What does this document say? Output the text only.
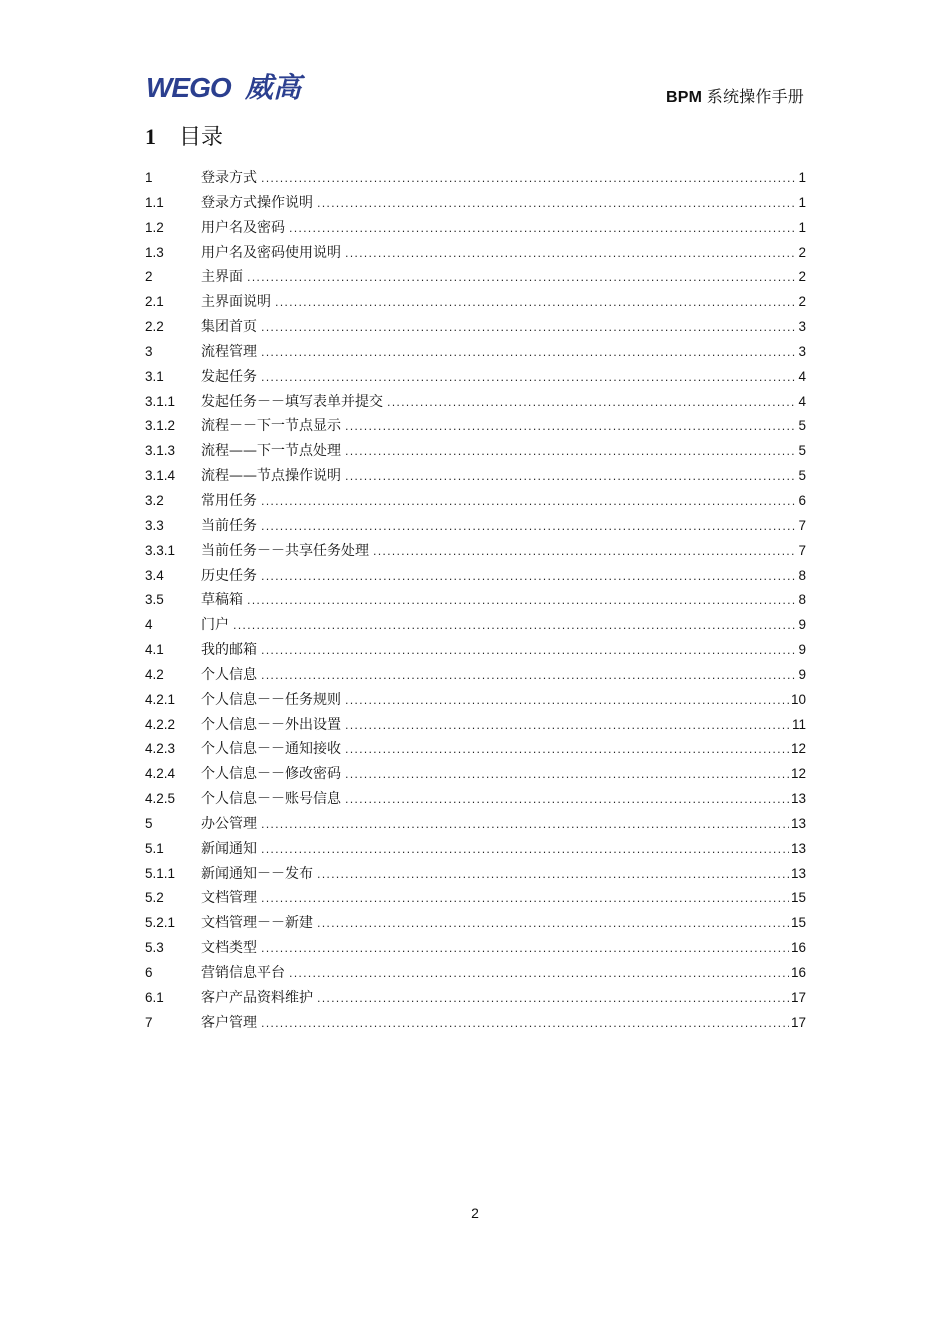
WEGO 威高	BPM 系统操作手册
1	目录
1	登录方式 .....	1
1.1	登录方式操作说明 .....	1
1.2	用户名及密码 .....	1
1.3	用户名及密码使用说明 .....	2
2	主界面 .....	2
2.1	主界面说明 .....	2
2.2	集团首页 .....	3
3	流程管理 .....	3
3.1	发起任务 .....	4
3.1.1	发起任务－－填写表单并提交 .....	4
3.1.2	流程－－下一节点显示 .....	5
3.1.3	流程——下一节点处理 .....	5
3.1.4	流程——节点操作说明 .....	5
3.2	常用任务 .....	6
3.3	当前任务 .....	7
3.3.1	当前任务－－共享任务处理 .....	7
3.4	历史任务 .....	8
3.5	草稿箱 .....	8
4	门户 .....	9
4.1	我的邮箱 .....	9
4.2	个人信息 .....	9
4.2.1	个人信息－－任务规则 .....	10
4.2.2	个人信息－－外出设置 .....	11
4.2.3	个人信息－－通知接收 .....	12
4.2.4	个人信息－－修改密码 .....	12
4.2.5	个人信息－－账号信息 .....	13
5	办公管理 .....	13
5.1	新闻通知 .....	13
5.1.1	新闻通知－－发布 .....	13
5.2	文档管理 .....	15
5.2.1	文档管理－－新建 .....	15
5.3	文档类型 .....	16
6	营销信息平台 .....	16
6.1	客户产品资料维护 .....	17
7	客户管理 .....	17
2
